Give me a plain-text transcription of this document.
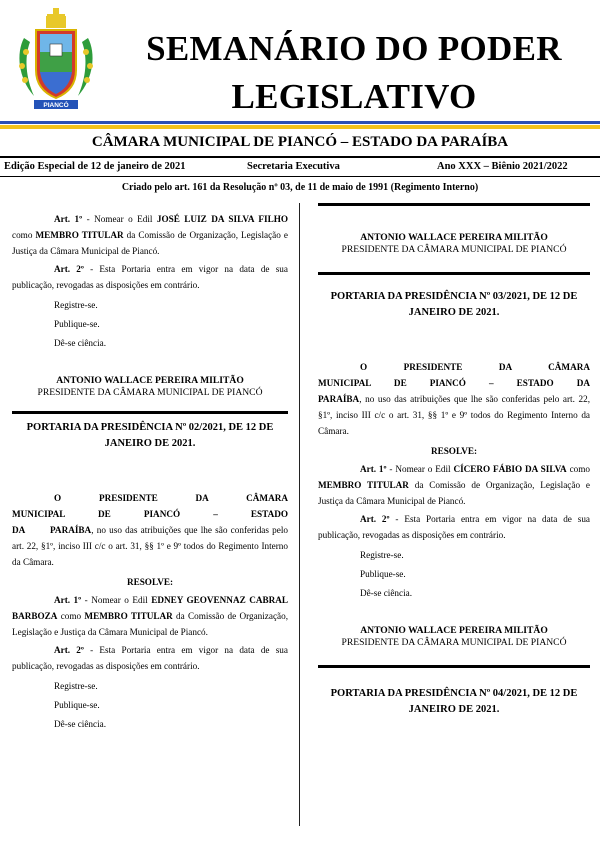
PIANCÓ
SEMANÁRIO DO PODER
LEGISLATIVO
CÂMARA MUNICIPAL DE PIANCÓ – ESTADO DA PARAÍBA
Edição Especial de 12 de janeiro de 2021	Secretaria Executiva	Ano XXX – Biênio 2021/2022
Criado pelo art. 161 da Resolução nº 03, de 11 de maio de 1991 (Regimento Interno)

Art. 1º - Nomear o Edil JOSÉ LUIZ DA SILVA FILHO como MEMBRO TITULAR da Comissão de Organização, Legislação e Justiça da Câmara Municipal de Piancó.

Art. 2º - Esta Portaria entra em vigor na data de sua publicação, revogadas as disposições em contrário.

Registre-se.

Publique-se.

Dê-se ciência.

ANTONIO WALLACE PEREIRA MILITÃO
PRESIDENTE DA CÂMARA MUNICIPAL DE PIANCÓ

PORTARIA DA PRESIDÊNCIA Nº 02/2021, DE 12 DE JANEIRO DE 2021.

O PRESIDENTE DA CÂMARA MUNICIPAL DE PIANCÓ – ESTADO DA PARAÍBA, no uso das atribuições que lhe são conferidas pelo art. 22, §1º, inciso III c/c o art. 31, §§ 1º e 9º todos do Regimento Interno da Câmara.

RESOLVE:

Art. 1º - Nomear o Edil EDNEY GEOVENNAZ CABRAL BARBOZA como MEMBRO TITULAR da Comissão de Organização, Legislação e Justiça da Câmara Municipal de Piancó.

Art. 2º - Esta Portaria entra em vigor na data de sua publicação, revogadas as disposições em contrário.

Registre-se.

Publique-se.

Dê-se ciência.

ANTONIO WALLACE PEREIRA MILITÃO
PRESIDENTE DA CÂMARA MUNICIPAL DE PIANCÓ

PORTARIA DA PRESIDÊNCIA Nº 03/2021, DE 12 DE JANEIRO DE 2021.

O PRESIDENTE DA CÂMARA MUNICIPAL DE PIANCÓ – ESTADO DA PARAÍBA, no uso das atribuições que lhe são conferidas pelo art. 22, §1º, inciso III c/c o art. 31, §§ 1º e 9º todos do Regimento Interno da Câmara.

RESOLVE:

Art. 1º - Nomear o Edil CÍCERO FÁBIO DA SILVA como MEMBRO TITULAR da Comissão de Organização, Legislação e Justiça da Câmara Municipal de Piancó.

Art. 2º - Esta Portaria entra em vigor na data de sua publicação, revogadas as disposições em contrário.

Registre-se.

Publique-se.

Dê-se ciência.

ANTONIO WALLACE PEREIRA MILITÃO
PRESIDENTE DA CÂMARA MUNICIPAL DE PIANCÓ

PORTARIA DA PRESIDÊNCIA Nº 04/2021, DE 12 DE JANEIRO DE 2021.
